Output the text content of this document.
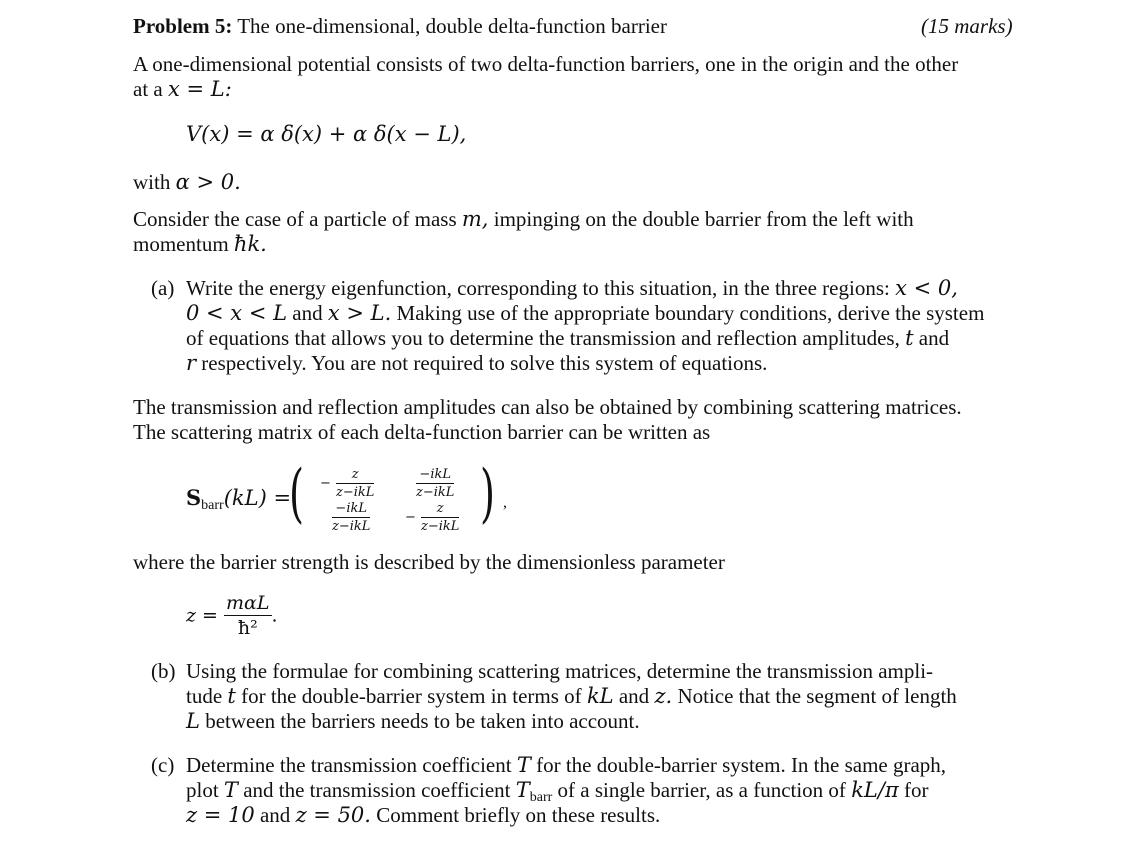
Problem 5: The one-dimensional, double delta-function barrier	(15 marks)
A one-dimensional potential consists of two delta-function barriers, one in the origin and the other
at a x = L:
V(x) = α δ(x) + α δ(x − L),
with α > 0.
Consider the case of a particle of mass m, impinging on the double barrier from the left with
momentum ħk.
(a) Write the energy eigenfunction, corresponding to this situation, in the three regions: x < 0,
0 < x < L and x > L. Making use of the appropriate boundary conditions, derive the system
of equations that allows you to determine the transmission and reflection amplitudes, t and
r respectively. You are not required to solve this system of equations.
The transmission and reflection amplitudes can also be obtained by combining scattering matrices.
The scattering matrix of each delta-function barrier can be written as
Sbarr(kL) =
(	)
− $\frac{z}{\text{z−ikL}}$	$\frac{\text{−ikL}}{\text{z−ikL}}$
$\frac{\text{−ikL}}{\text{z−ikL}}$	− $\frac{z}{\text{z−ikL}}$	,
where the barrier strength is described by the dimensionless parameter
$z = \frac{\text{mαL}}{\text{ħ²}}$ .
(b) Using the formulae for combining scattering matrices, determine the transmission ampli-
tude t for the double-barrier system in terms of kL and z. Notice that the segment of length
L between the barriers needs to be taken into account.
(c) Determine the transmission coefficient T for the double-barrier system. In the same graph,
plot T and the transmission coefficient Tbarr of a single barrier, as a function of kL/π for
z = 10 and z = 50. Comment briefly on these results.
